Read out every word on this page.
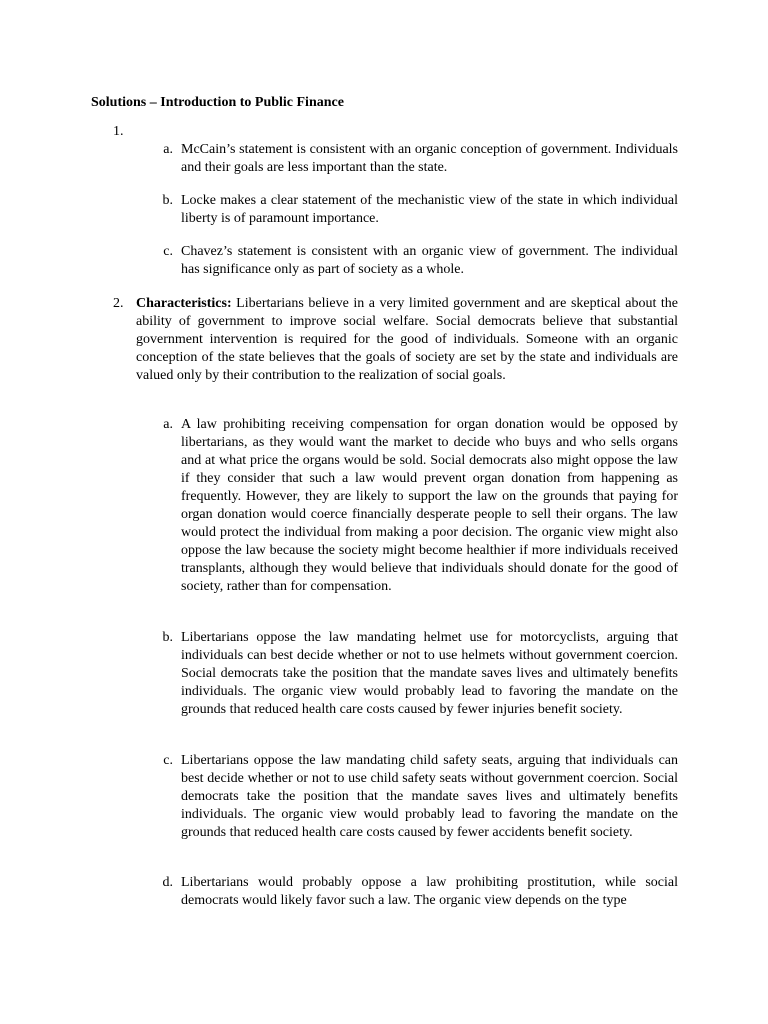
Solutions – Introduction to Public Finance
1.
a. McCain’s statement is consistent with an organic conception of government. Individuals and their goals are less important than the state.
b. Locke makes a clear statement of the mechanistic view of the state in which individual liberty is of paramount importance.
c. Chavez’s statement is consistent with an organic view of government. The individual has significance only as part of society as a whole.
2. Characteristics: Libertarians believe in a very limited government and are skeptical about the ability of government to improve social welfare. Social democrats believe that substantial government intervention is required for the good of individuals. Someone with an organic conception of the state believes that the goals of society are set by the state and individuals are valued only by their contribution to the realization of social goals.
a. A law prohibiting receiving compensation for organ donation would be opposed by libertarians, as they would want the market to decide who buys and who sells organs and at what price the organs would be sold. Social democrats also might oppose the law if they consider that such a law would prevent organ donation from happening as frequently. However, they are likely to support the law on the grounds that paying for organ donation would coerce financially desperate people to sell their organs. The law would protect the individual from making a poor decision. The organic view might also oppose the law because the society might become healthier if more individuals received transplants, although they would believe that individuals should donate for the good of society, rather than for compensation.
b. Libertarians oppose the law mandating helmet use for motorcyclists, arguing that individuals can best decide whether or not to use helmets without government coercion. Social democrats take the position that the mandate saves lives and ultimately benefits individuals. The organic view would probably lead to favoring the mandate on the grounds that reduced health care costs caused by fewer injuries benefit society.
c. Libertarians oppose the law mandating child safety seats, arguing that individuals can best decide whether or not to use child safety seats without government coercion. Social democrats take the position that the mandate saves lives and ultimately benefits individuals. The organic view would probably lead to favoring the mandate on the grounds that reduced health care costs caused by fewer accidents benefit society.
d. Libertarians would probably oppose a law prohibiting prostitution, while social democrats would likely favor such a law. The organic view depends on the type
